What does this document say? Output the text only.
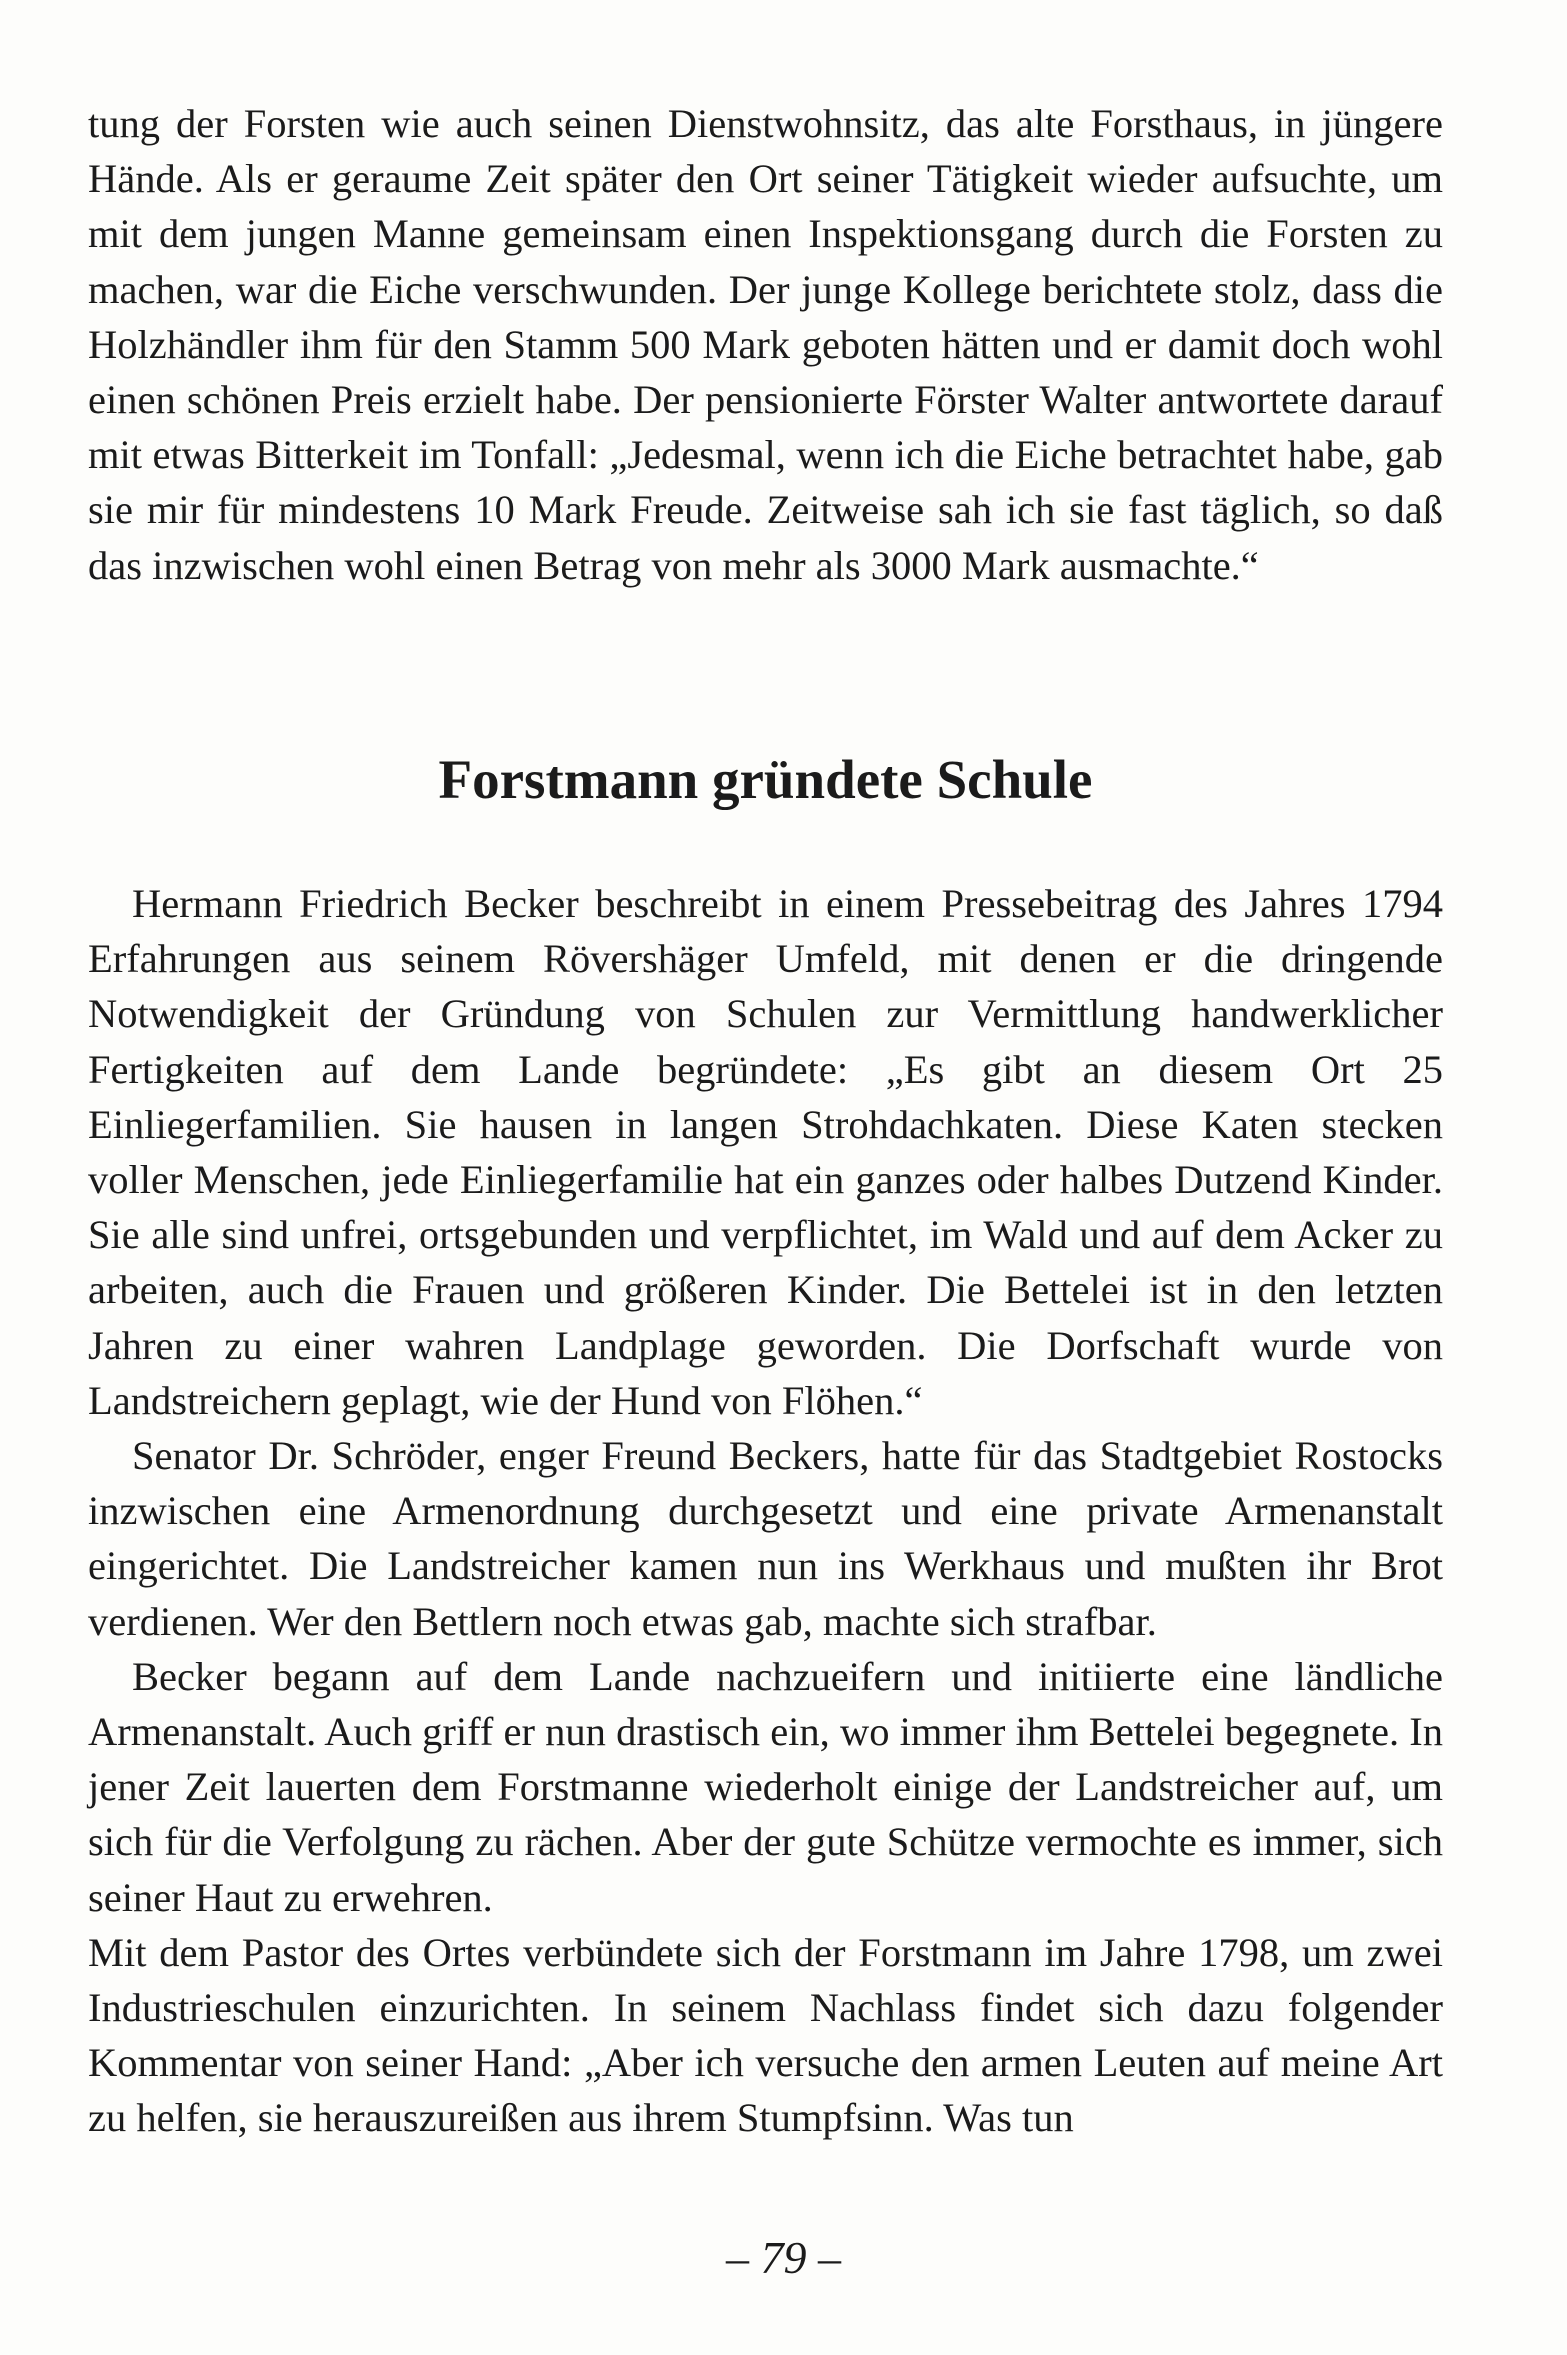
tung der Forsten wie auch seinen Dienstwohnsitz, das alte Forsthaus, in jüngere Hände. Als er geraume Zeit später den Ort seiner Tätigkeit wieder aufsuchte, um mit dem jungen Manne gemeinsam einen Inspektionsgang durch die Forsten zu machen, war die Eiche verschwunden. Der junge Kollege berichtete stolz, dass die Holzhändler ihm für den Stamm 500 Mark geboten hätten und er damit doch wohl einen schönen Preis erzielt habe. Der pensionierte Förster Walter antwortete darauf mit etwas Bitterkeit im Tonfall: „Jedesmal, wenn ich die Eiche betrachtet habe, gab sie mir für mindestens 10 Mark Freude. Zeitweise sah ich sie fast täglich, so daß das inzwischen wohl einen Betrag von mehr als 3000 Mark ausmachte.“

Forstmann gründete Schule

Hermann Friedrich Becker beschreibt in einem Pressebeitrag des Jahres 1794 Erfahrungen aus seinem Rövershäger Umfeld, mit denen er die dringende Notwendigkeit der Gründung von Schulen zur Vermittlung handwerklicher Fertigkeiten auf dem Lande begründete: „Es gibt an diesem Ort 25 Einliegerfamilien. Sie hausen in langen Strohdachkaten. Diese Katen stecken voller Menschen, jede Einliegerfamilie hat ein ganzes oder halbes Dutzend Kinder. Sie alle sind unfrei, ortsgebunden und verpflichtet, im Wald und auf dem Acker zu arbeiten, auch die Frauen und größeren Kinder. Die Bettelei ist in den letzten Jahren zu einer wahren Landplage geworden. Die Dorfschaft wurde von Landstreichern geplagt, wie der Hund von Flöhen.“

Senator Dr. Schröder, enger Freund Beckers, hatte für das Stadtgebiet Rostocks inzwischen eine Armenordnung durchgesetzt und eine private Armenanstalt eingerichtet. Die Landstreicher kamen nun ins Werkhaus und mußten ihr Brot verdienen. Wer den Bettlern noch etwas gab, machte sich strafbar.

Becker begann auf dem Lande nachzueifern und initiierte eine ländliche Armenanstalt. Auch griff er nun drastisch ein, wo immer ihm Bettelei begegnete. In jener Zeit lauerten dem Forstmanne wiederholt einige der Landstreicher auf, um sich für die Verfolgung zu rächen. Aber der gute Schütze vermochte es immer, sich seiner Haut zu erwehren.

Mit dem Pastor des Ortes verbündete sich der Forstmann im Jahre 1798, um zwei Industrieschulen einzurichten. In seinem Nachlass findet sich dazu folgender Kommentar von seiner Hand: „Aber ich versuche den armen Leuten auf meine Art zu helfen, sie herauszureißen aus ihrem Stumpfsinn. Was tun

– 79 –
